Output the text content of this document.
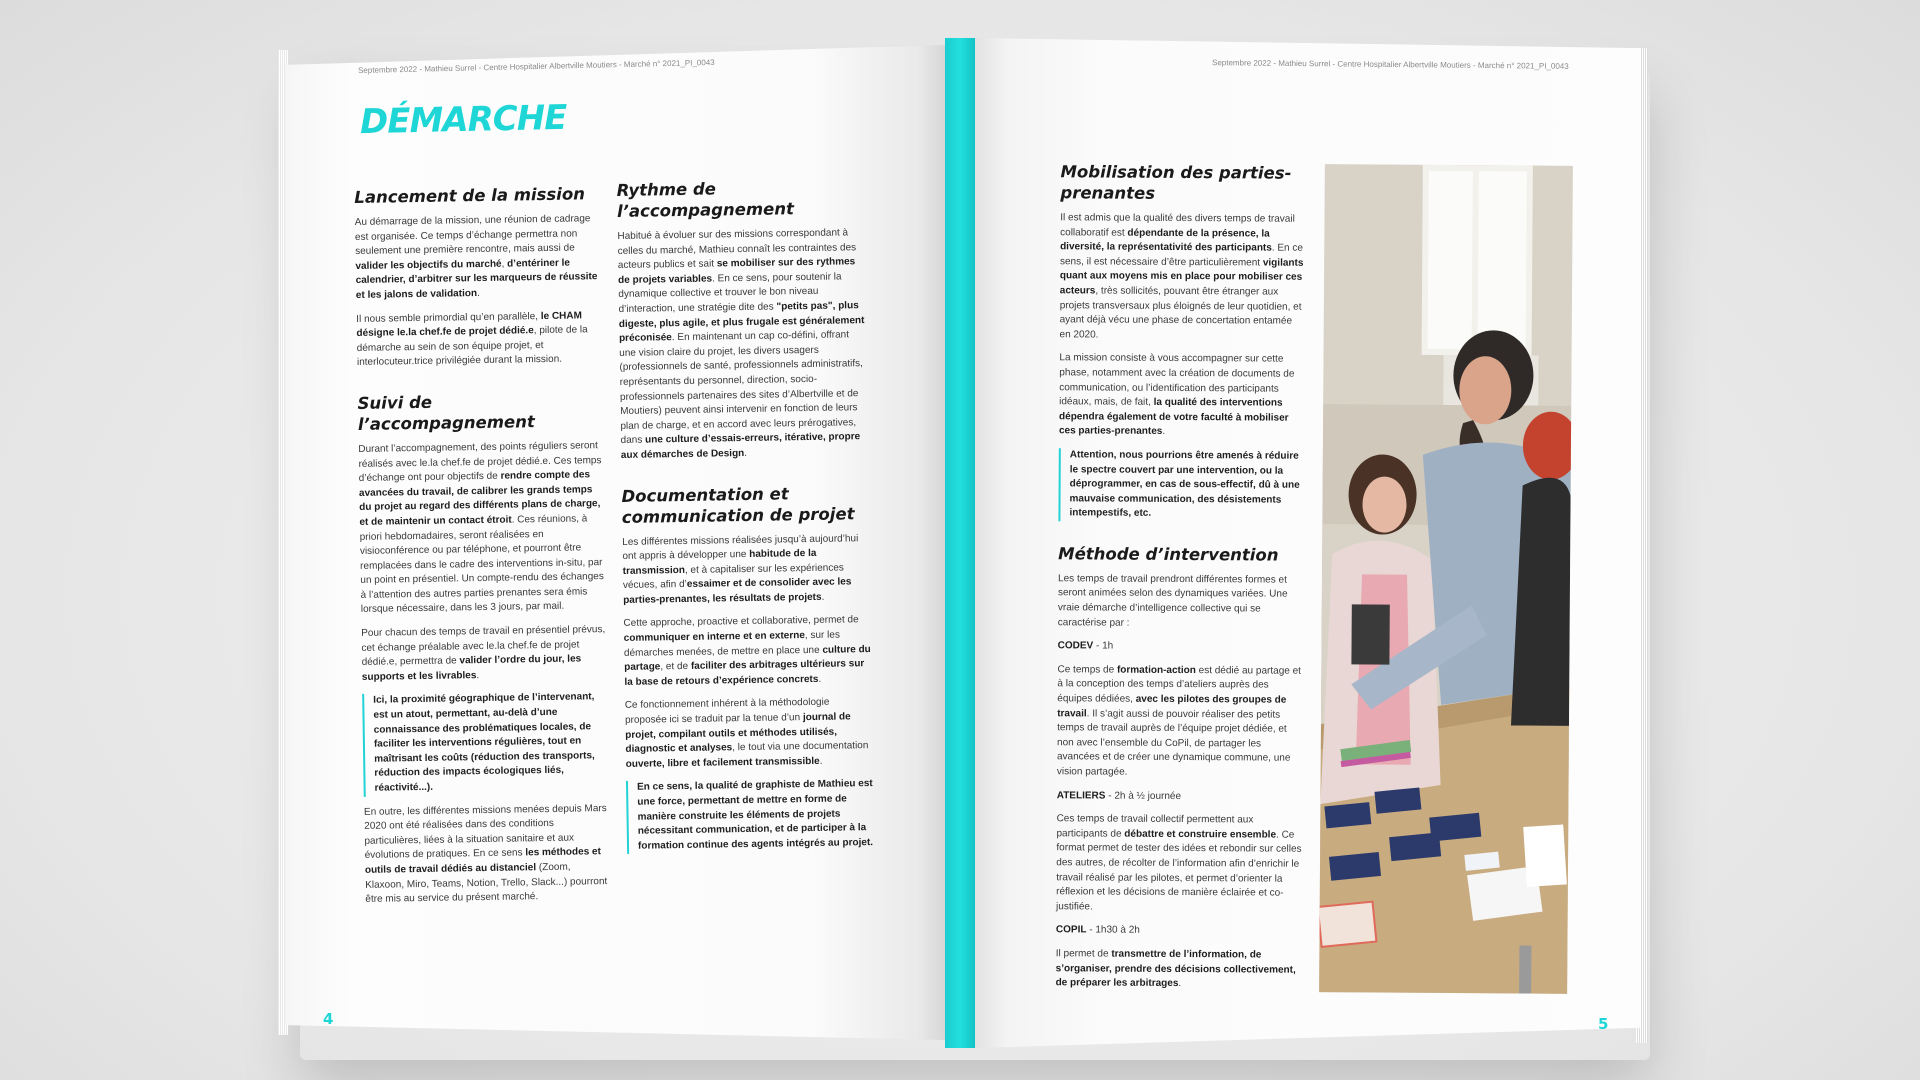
Septembre 2022 - Mathieu Surrel - Centre Hospitalier Albertville Moutiers - Marché n° 2021_PI_0043	Septembre 2022 - Mathieu Surrel - Centre Hospitalier Albertville Moutiers - Marché n° 2021_PI_0043
DÉMARCHE
Lancement de la mission

Au démarrage de la mission, une réunion de cadrage est organisée. Ce temps d’échange permettra non seulement une première rencontre, mais aussi de valider les objectifs du marché, d’entériner le calendrier, d’arbitrer sur les marqueurs de réussite et les jalons de validation.

Il nous semble primordial qu’en parallèle, le CHAM désigne le.la chef.fe de projet dédié.e, pilote de la démarche au sein de son équipe projet, et interlocuteur.trice privilégiée durant la mission.

Suivi de l’accompagnement

Durant l’accompagnement, des points réguliers seront réalisés avec le.la chef.fe de projet dédié.e. Ces temps d’échange ont pour objectifs de rendre compte des avancées du travail, de calibrer les grands temps du projet au regard des différents plans de charge, et de maintenir un contact étroit. Ces réunions, à priori hebdomadaires, seront réalisées en visioconférence ou par téléphone, et pourront être remplacées dans le cadre des interventions in-situ, par un point en présentiel. Un compte-rendu des échanges à l’attention des autres parties prenantes sera émis lorsque nécessaire, dans les 3 jours, par mail.

Pour chacun des temps de travail en présentiel prévus, cet échange préalable avec le.la chef.fe de projet dédié.e, permettra de valider l’ordre du jour, les supports et les livrables.

Ici, la proximité géographique de l’intervenant, est un atout, permettant, au-delà d’une connaissance des problématiques locales, de faciliter les interventions régulières, tout en maîtrisant les coûts (réduction des transports, réduction des impacts écologiques liés, réactivité...).

En outre, les différentes missions menées depuis Mars 2020 ont été réalisées dans des conditions particulières, liées à la situation sanitaire et aux évolutions de pratiques. En ce sens les méthodes et outils de travail dédiés au distanciel (Zoom, Klaxoon, Miro, Teams, Notion, Trello, Slack...) pourront être mis au service du présent marché.

Rythme de l’accompagnement

Habitué à évoluer sur des missions correspondant à celles du marché, Mathieu connaît les contraintes des acteurs publics et sait se mobiliser sur des rythmes de projets variables. En ce sens, pour soutenir la dynamique collective et trouver le bon niveau d’interaction, une stratégie dite des "petits pas", plus digeste, plus agile, et plus frugale est généralement préconisée. En maintenant un cap co-défini, offrant une vision claire du projet, les divers usagers (professionnels de santé, professionnels administratifs, représentants du personnel, direction, socio-professionnels partenaires des sites d’Albertville et de Moutiers) peuvent ainsi intervenir en fonction de leurs plan de charge, et en accord avec leurs prérogatives, dans une culture d’essais-erreurs, itérative, propre aux démarches de Design.

Documentation et communication de projet

Les différentes missions réalisées jusqu’à aujourd’hui ont appris à développer une habitude de la transmission, et à capitaliser sur les expériences vécues, afin d’essaimer et de consolider avec les parties-prenantes, les résultats de projets.

Cette approche, proactive et collaborative, permet de communiquer en interne et en externe, sur les démarches menées, de mettre en place une culture du partage, et de faciliter des arbitrages ultérieurs sur la base de retours d’expérience concrets.

Ce fonctionnement inhérent à la méthodologie proposée ici se traduit par la tenue d’un journal de projet, compilant outils et méthodes utilisés, diagnostic et analyses, le tout via une documentation ouverte, libre et facilement transmissible.

En ce sens, la qualité de graphiste de Mathieu est une force, permettant de mettre en forme de manière construite les éléments de projets nécessitant communication, et de participer à la formation continue des agents intégrés au projet.

4
Mobilisation des parties-prenantes

Il est admis que la qualité des divers temps de travail collaboratif est dépendante de la présence, la diversité, la représentativité des participants. En ce sens, il est nécessaire d’être particulièrement vigilants quant aux moyens mis en place pour mobiliser ces acteurs, très sollicités, pouvant être étranger aux projets transversaux plus éloignés de leur quotidien, et ayant déjà vécu une phase de concertation entamée en 2020.

La mission consiste à vous accompagner sur cette phase, notamment avec la création de documents de communication, ou l’identification des participants idéaux, mais, de fait, la qualité des interventions dépendra également de votre faculté à mobiliser ces parties-prenantes.

Attention, nous pourrions être amenés à réduire le spectre couvert par une intervention, ou la déprogrammer, en cas de sous-effectif, dû à une mauvaise communication, des désistements intempestifs, etc.

Méthode d’intervention

Les temps de travail prendront différentes formes et seront animées selon des dynamiques variées. Une vraie démarche d’intelligence collective qui se caractérise par :

CODEV - 1h

Ce temps de formation-action est dédié au partage et à la conception des temps d’ateliers auprès des équipes dédiées, avec les pilotes des groupes de travail. Il s’agit aussi de pouvoir réaliser des petits temps de travail auprès de l’équipe projet dédiée, et non avec l’ensemble du CoPil, de partager les avancées et de créer une dynamique commune, une vision partagée.

ATELIERS - 2h à ½ journée

Ces temps de travail collectif permettent aux participants de débattre et construire ensemble. Ce format permet de tester des idées et rebondir sur celles des autres, de récolter de l’information afin d’enrichir le travail réalisé par les pilotes, et permet d’orienter la réflexion et les décisions de manière éclairée et co-justifiée.

COPIL - 1h30 à 2h

Il permet de transmettre de l’information, de s’organiser, prendre des décisions collectivement, de préparer les arbitrages.

5
